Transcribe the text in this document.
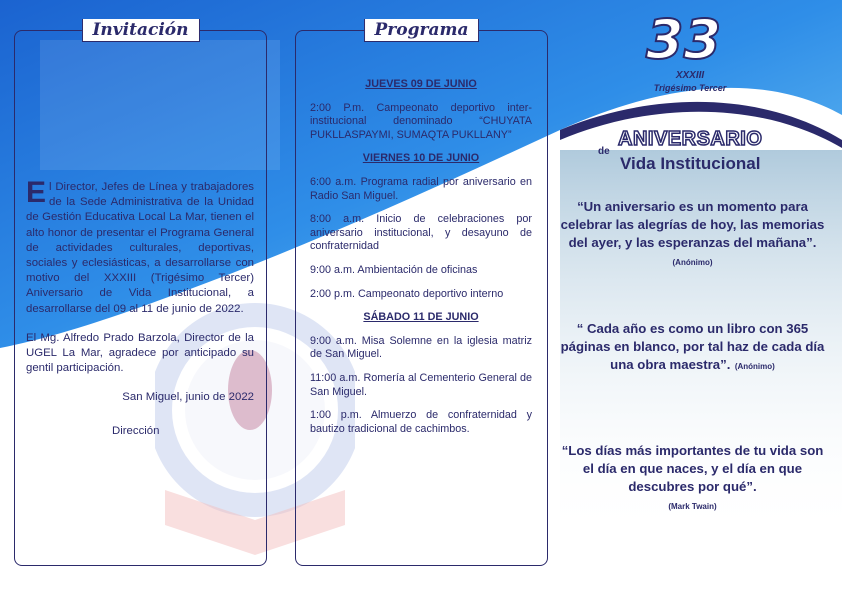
Invitación	Programa
E l Director, Jefes de Línea y trabajadores de la Sede Administrativa de la Unidad de Gestión Educativa Local La Mar, tienen el alto honor de presentar el Programa General de actividades culturales, deportivas, sociales y eclesiásticas, a desarrollarse con motivo del XXXIII (Trigésimo Tercer) Aniversario de Vida Institucional, a desarrollarse del 09 al 11 de junio de 2022.
El Mg. Alfredo Prado Barzola, Director de la UGEL La Mar, agradece por anticipado su gentil participación.
San Miguel, junio de 2022
Dirección
JUEVES 09 DE JUNIO
2:00 P.m. Campeonato deportivo inter-institucional denominado “CHUYATA PUKLLASPAYMI, SUMAQTA PUKLLANY”
VIERNES 10 DE JUNIO
6:00 a.m. Programa radial por aniversario en Radio San Miguel.
8:00 a.m. Inicio de celebraciones por aniversario institucional, y desayuno de confraternidad
9:00 a.m. Ambientación de oficinas
2:00 p.m. Campeonato deportivo interno
SÁBADO 11 DE JUNIO
9:00 a.m. Misa Solemne en la iglesia matriz de San Miguel.
11:00 a.m. Romería al Cementerio General de San Miguel.
1:00 p.m. Almuerzo de confraternidad y bautizo tradicional de cachimbos.
33
XXXIII
Trigésimo Tercer
de
ANIVERSARIO
Vida Institucional
“Un aniversario es un momento para celebrar las alegrías de hoy, las memorias del ayer, y las esperanzas del mañana”. (Anónimo)
“ Cada año es como un libro con 365 páginas en blanco, por tal haz de cada día una obra maestra”. (Anónimo)
“Los días más importantes de tu vida son el día en que naces, y el día en que descubres por qué”.
(Mark Twain)
